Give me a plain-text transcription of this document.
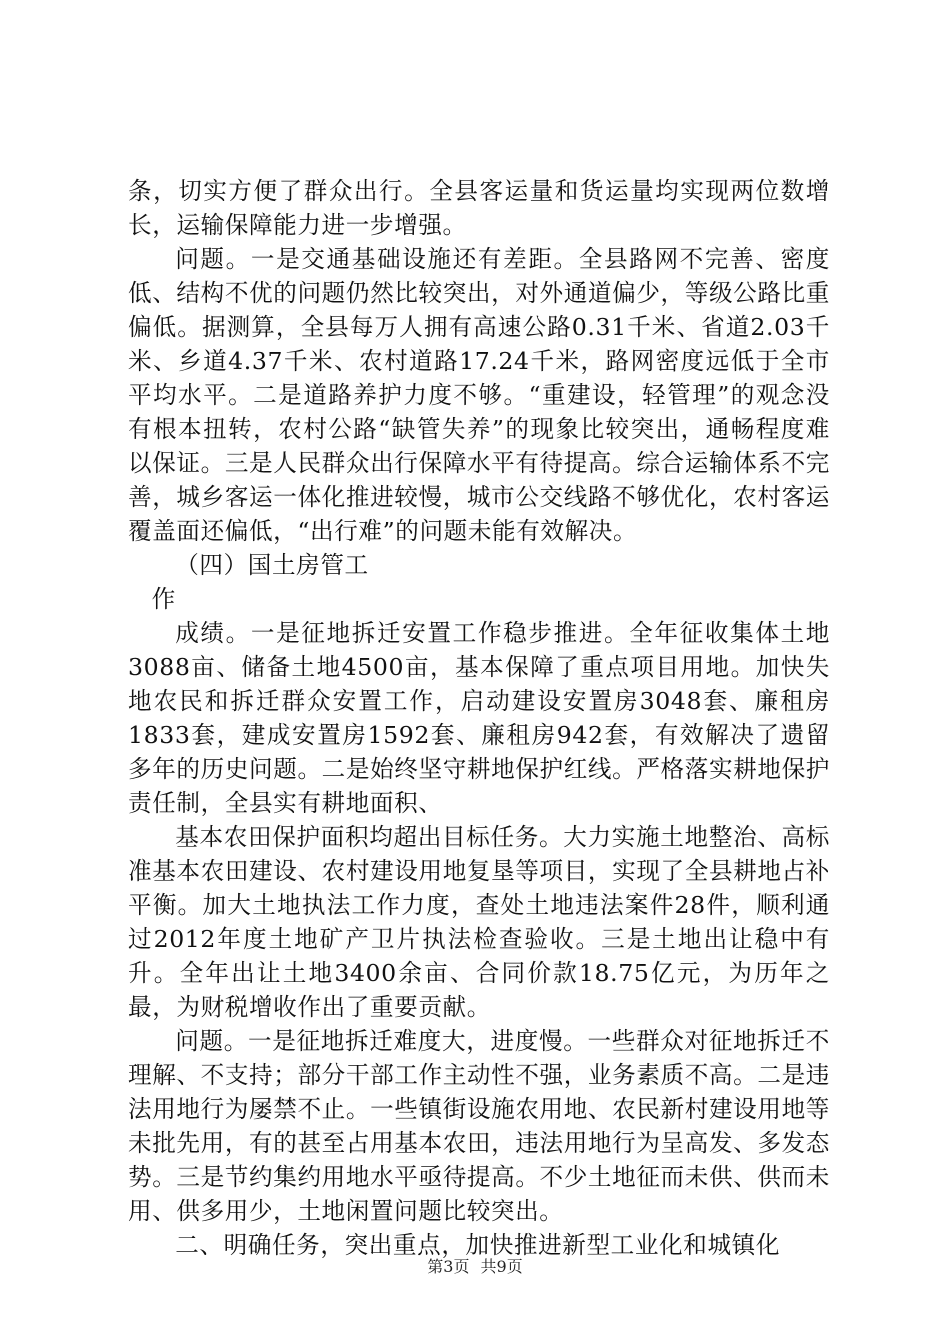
条，切实方便了群众出行。全县客运量和货运量均实现两位数增长，运输保障能力进一步增强。

问题。一是交通基础设施还有差距。全县路网不完善、密度低、结构不优的问题仍然比较突出，对外通道偏少，等级公路比重偏低。据测算，全县每万人拥有高速公路0.31千米、省道2.03千米、乡道4.37千米、农村道路17.24千米，路网密度远低于全市平均水平。二是道路养护力度不够。“重建设，轻管理”的观念没有根本扭转，农村公路“缺管失养”的现象比较突出，通畅程度难以保证。三是人民群众出行保障水平有待提高。综合运输体系不完善，城乡客运一体化推进较慢，城市公交线路不够优化，农村客运覆盖面还偏低，“出行难”的问题未能有效解决。

（四）国土房管工

作

成绩。一是征地拆迁安置工作稳步推进。全年征收集体土地3088亩、储备土地4500亩，基本保障了重点项目用地。加快失地农民和拆迁群众安置工作，启动建设安置房3048套、廉租房1833套，建成安置房1592套、廉租房942套，有效解决了遗留多年的历史问题。二是始终坚守耕地保护红线。严格落实耕地保护责任制，全县实有耕地面积、

基本农田保护面积均超出目标任务。大力实施土地整治、高标准基本农田建设、农村建设用地复垦等项目，实现了全县耕地占补平衡。加大土地执法工作力度，查处土地违法案件28件，顺利通过2012年度土地矿产卫片执法检查验收。三是土地出让稳中有升。全年出让土地3400余亩、合同价款18.75亿元，为历年之最，为财税增收作出了重要贡献。

问题。一是征地拆迁难度大，进度慢。一些群众对征地拆迁不理解、不支持；部分干部工作主动性不强，业务素质不高。二是违法用地行为屡禁不止。一些镇街设施农用地、农民新村建设用地等未批先用，有的甚至占用基本农田，违法用地行为呈高发、多发态势。三是节约集约用地水平亟待提高。不少土地征而未供、供而未用、供多用少，土地闲置问题比较突出。

二、明确任务，突出重点，加快推进新型工业化和城镇化

第3页 共9页
